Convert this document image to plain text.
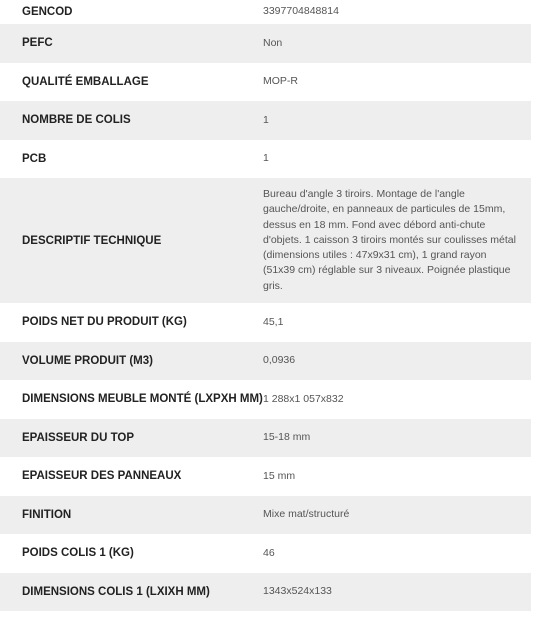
GENCOD	3397704848814
PEFC	Non
QUALITÉ EMBALLAGE	MOP-R
NOMBRE DE COLIS	1
PCB	1
DESCRIPTIF TECHNIQUE	Bureau d'angle 3 tiroirs. Montage de l'angle gauche/droite, en panneaux de particules de 15mm, dessus en 18 mm. Fond avec débord anti-chute d'objets. 1 caisson 3 tiroirs montés sur coulisses métal (dimensions utiles : 47x9x31 cm), 1 grand rayon (51x39 cm) réglable sur 3 niveaux. Poignée plastique gris.
POIDS NET DU PRODUIT (KG)	45,1
VOLUME PRODUIT (M3)	0,0936
DIMENSIONS MEUBLE MONTÉ (LXPXH MM)	1 288x1 057x832
EPAISSEUR DU TOP	15-18 mm
EPAISSEUR DES PANNEAUX	15 mm
FINITION	Mixe mat/structuré
POIDS COLIS 1 (KG)	46
DIMENSIONS COLIS 1 (LXIXH MM)	1343x524x133
